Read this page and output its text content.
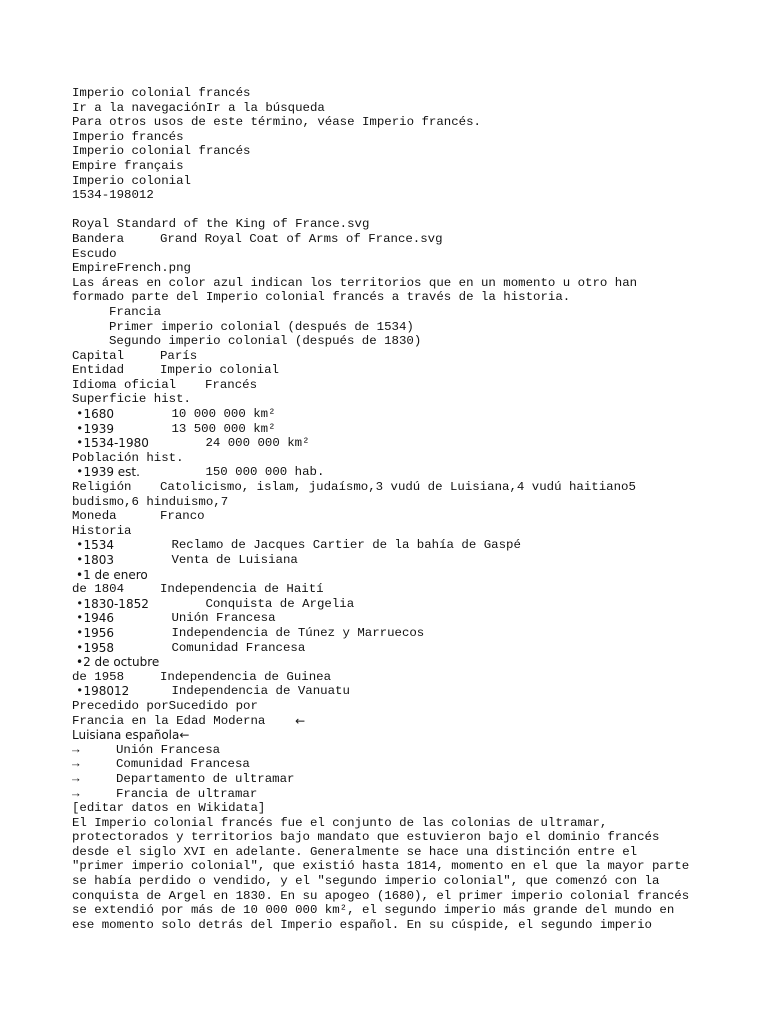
Imperio colonial francés
Ir a la navegaciónIr a la búsqueda
Para otros usos de este término, véase Imperio francés.
Imperio francés
Imperio colonial francés
Empire français
Imperio colonial
1534-198012
Royal Standard of the King of France.svg
Bandera	Grand Royal Coat of Arms of France.svg
Escudo
EmpireFrench.png
Las áreas en color azul indican los territorios que en un momento u otro han
formado parte del Imperio colonial francés a través de la historia.
Francia
Primer imperio colonial (después de 1534)
Segundo imperio colonial (después de 1830)
Capital	París
Entidad	Imperio colonial
Idioma oficial	Francés
Superficie hist.
• 1680	10 000 000 km²
• 1939	13 500 000 km²
• 1534-1980	24 000 000 km²
Población hist.
• 1939 est.	150 000 000 hab.
Religión	Catolicismo, islam, judaísmo,3 vudú de Luisiana,4 vudú haitiano5
budismo,6 hinduismo,7
Moneda	Franco
Historia
• 1534	Reclamo de Jacques Cartier de la bahía de Gaspé
• 1803	Venta de Luisiana
• 1 de enero
de 1804	Independencia de Haití
• 1830-1852	Conquista de Argelia
• 1946	Unión Francesa
• 1956	Independencia de Túnez y Marruecos
• 1958	Comunidad Francesa
• 2 de octubre
de 1958	Independencia de Guinea
• 198012	Independencia de Vanuatu
Precedido por Sucedido por
Francia en la Edad Moderna
←
Luisiana española ←
→	Unión Francesa
→	Comunidad Francesa
→	Departamento de ultramar
→	Francia de ultramar
[editar datos en Wikidata]
El Imperio colonial francés fue el conjunto de las colonias de ultramar,
protectorados y territorios bajo mandato que estuvieron bajo el dominio francés
desde el siglo XVI en adelante. Generalmente se hace una distinción entre el
"primer imperio colonial", que existió hasta 1814, momento en el que la mayor parte
se había perdido o vendido, y el "segundo imperio colonial", que comenzó con la
conquista de Argel en 1830. En su apogeo (1680), el primer imperio colonial francés
se extendió por más de 10 000 000 km², el segundo imperio más grande del mundo en
ese momento solo detrás del Imperio español. En su cúspide, el segundo imperio
